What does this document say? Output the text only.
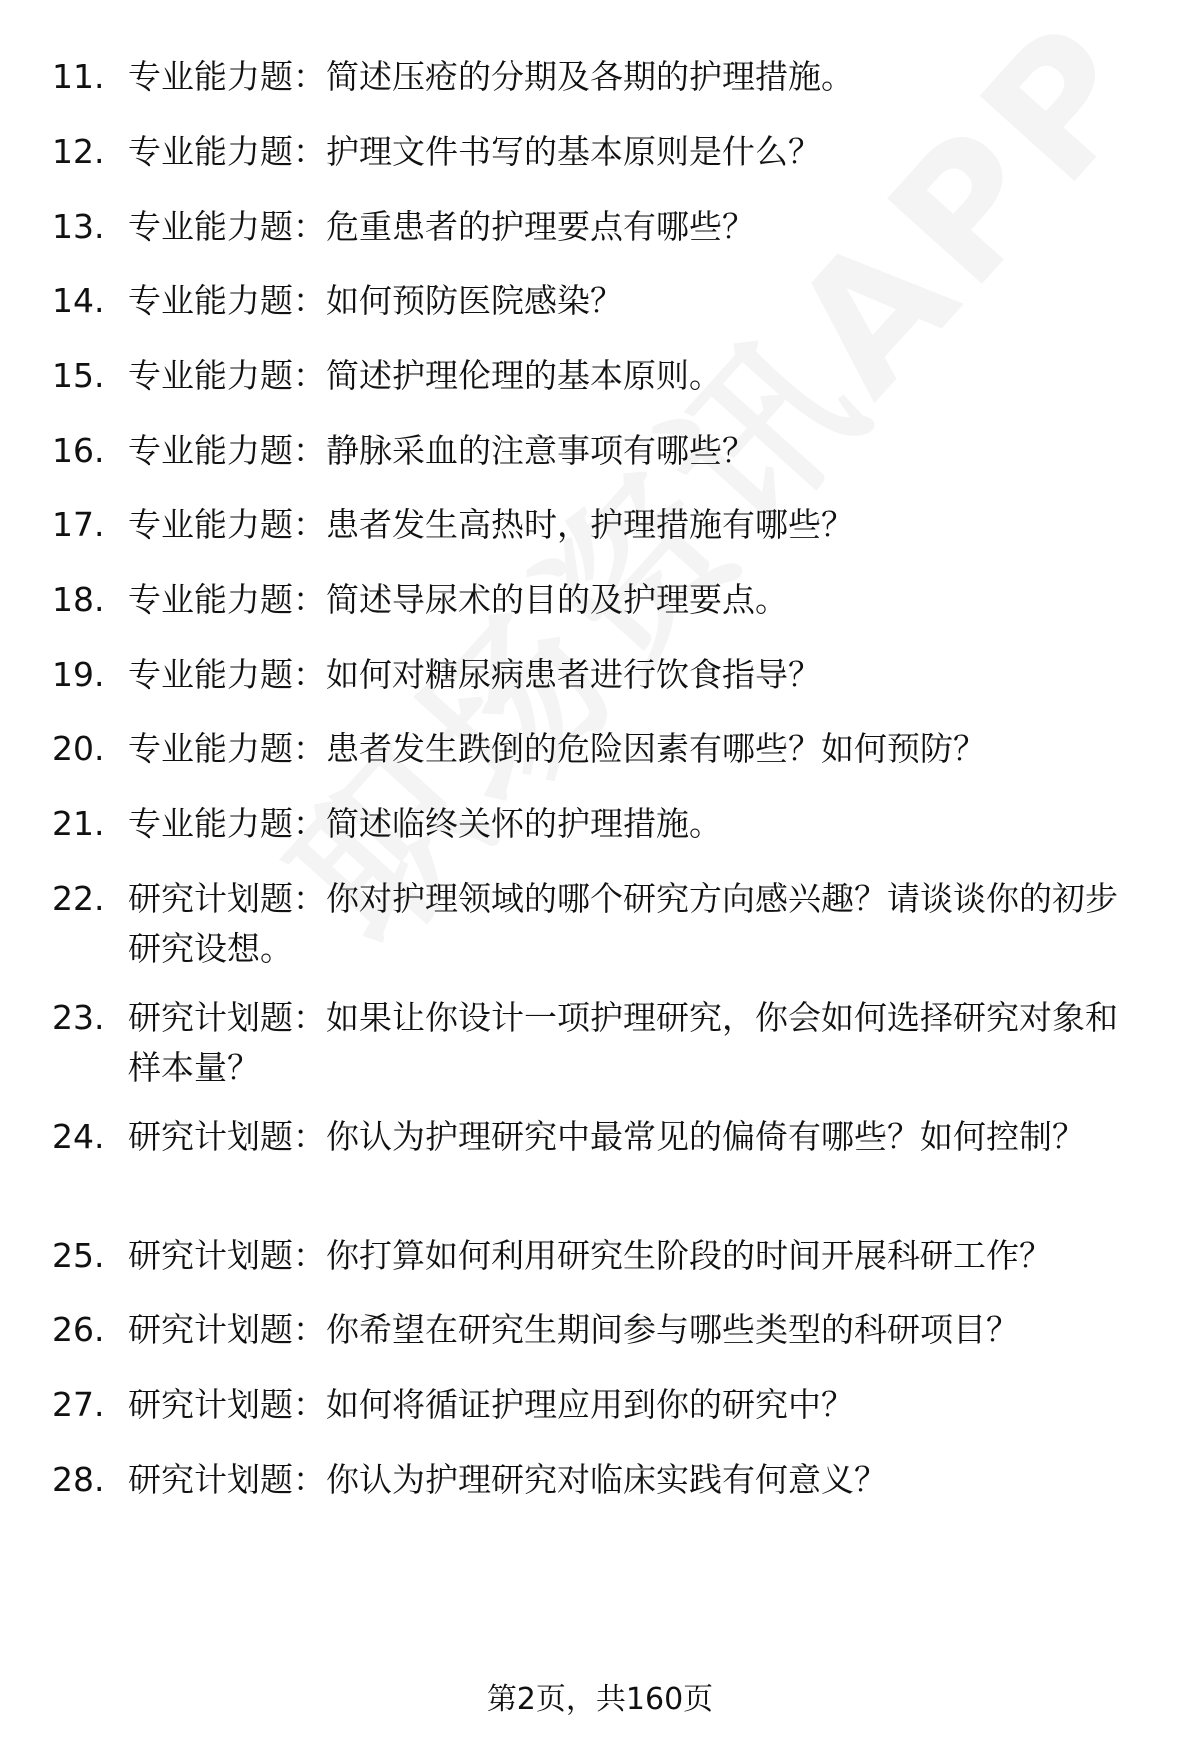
11. 专业能力题：简述压疮的分期及各期的护理措施。
12. 专业能力题：护理文件书写的基本原则是什么？
13. 专业能力题：危重患者的护理要点有哪些？
14. 专业能力题：如何预防医院感染？
15. 专业能力题：简述护理伦理的基本原则。
16. 专业能力题：静脉采血的注意事项有哪些？
17. 专业能力题：患者发生高热时，护理措施有哪些？
18. 专业能力题：简述导尿术的目的及护理要点。
19. 专业能力题：如何对糖尿病患者进行饮食指导？
20. 专业能力题：患者发生跌倒的危险因素有哪些？如何预防？
21. 专业能力题：简述临终关怀的护理措施。
22. 研究计划题：你对护理领域的哪个研究方向感兴趣？请谈谈你的初步研究设想。
23. 研究计划题：如果让你设计一项护理研究，你会如何选择研究对象和样本量？
24. 研究计划题：你认为护理研究中最常见的偏倚有哪些？如何控制？
25. 研究计划题：你打算如何利用研究生阶段的时间开展科研工作？
26. 研究计划题：你希望在研究生期间参与哪些类型的科研项目？
27. 研究计划题：如何将循证护理应用到你的研究中？
28. 研究计划题：你认为护理研究对临床实践有何意义？
第2页，共160页
